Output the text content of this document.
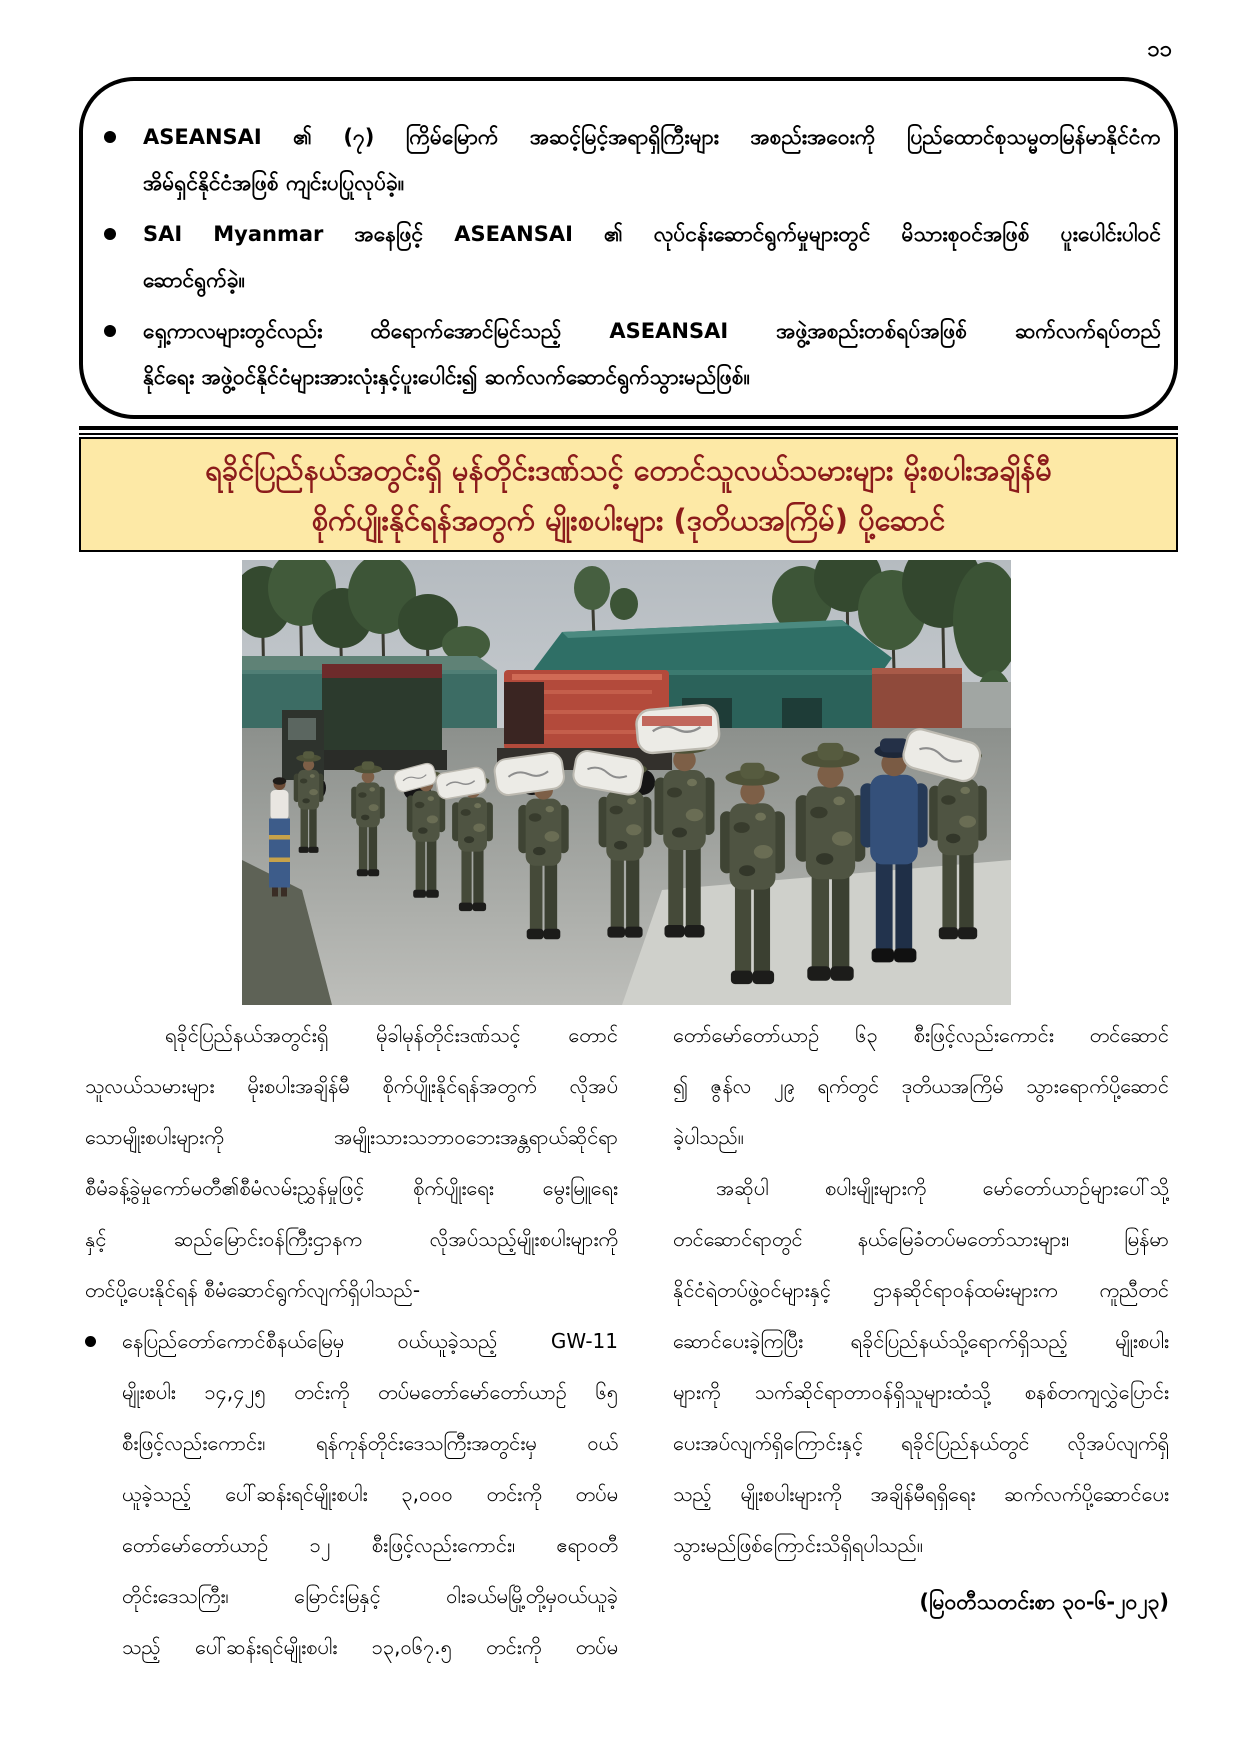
၁၁
ASEANSAI ၏ (၇) ကြိမ်မြောက် အဆင့်မြင့်အရာရှိကြီးများ အစည်းအဝေးကို ပြည်ထောင်စုသမ္မတမြန်မာနိုင်ငံက
အိမ်ရှင်နိုင်ငံအဖြစ် ကျင်းပပြုလုပ်ခဲ့။
SAI Myanmar အနေဖြင့် ASEANSAI ၏ လုပ်ငန်းဆောင်ရွက်မှုများတွင် မိသားစုဝင်အဖြစ် ပူးပေါင်းပါဝင်
ဆောင်ရွက်ခဲ့။
ရှေ့ကာလများတွင်လည်း ထိရောက်အောင်မြင်သည့် ASEANSAI အဖွဲ့အစည်းတစ်ရပ်အဖြစ် ဆက်လက်ရပ်တည်
နိုင်ရေး အဖွဲ့ဝင်နိုင်ငံများအားလုံးနှင့်ပူးပေါင်း၍ ဆက်လက်ဆောင်ရွက်သွားမည်ဖြစ်။
ရခိုင်ပြည်နယ်အတွင်းရှိ မုန်တိုင်းဒဏ်သင့် တောင်သူလယ်သမားများ မိုးစပါးအချိန်မီ
စိုက်ပျိုးနိုင်ရန်အတွက် မျိုးစပါးများ (ဒုတိယအကြိမ်) ပို့ဆောင်
ရခိုင်ပြည်နယ်အတွင်းရှိ မိုခါမုန်တိုင်းဒဏ်သင့် တောင်
သူလယ်သမားများ မိုးစပါးအချိန်မီ စိုက်ပျိုးနိုင်ရန်အတွက် လိုအပ်
သောမျိုးစပါးများကို အမျိုးသားသဘာဝဘေးအန္တရာယ်ဆိုင်ရာ
စီမံခန့်ခွဲမှုကော်မတီ၏စီမံလမ်းညွှန်မှုဖြင့် စိုက်ပျိုးရေး မွေးမြူရေး
နှင့် ဆည်မြောင်းဝန်ကြီးဌာနက လိုအပ်သည့်မျိုးစပါးများကို
တင်ပို့ပေးနိုင်ရန် စီမံဆောင်ရွက်လျက်ရှိပါသည်-
နေပြည်တော်ကောင်စီနယ်မြေမှ ဝယ်ယူခဲ့သည့် GW-11
မျိုးစပါး ၁၄,၄၂၅ တင်းကို တပ်မတော်မော်တော်ယာဉ် ၆၅
စီးဖြင့်လည်းကောင်း၊ ရန်ကုန်တိုင်းဒေသကြီးအတွင်းမှ ဝယ်
ယူခဲ့သည့် ပေါ်ဆန်းရင်မျိုးစပါး ၃,၀၀၀ တင်းကို တပ်မ
တော်မော်တော်ယာဉ် ၁၂ စီးဖြင့်လည်းကောင်း၊ ဧရာဝတီ
တိုင်းဒေသကြီး၊ မြောင်းမြနှင့် ဝါးခယ်မမြို့တို့မှဝယ်ယူခဲ့
သည့် ပေါ်ဆန်းရင်မျိုးစပါး ၁၃,၀၆၇.၅ တင်းကို တပ်မ
တော်မော်တော်ယာဉ် ၆၃ စီးဖြင့်လည်းကောင်း တင်ဆောင်
၍ ဇွန်လ ၂၉ ရက်တွင် ဒုတိယအကြိမ် သွားရောက်ပို့ဆောင်
ခဲ့ပါသည်။
အဆိုပါ စပါးမျိုးများကို မော်တော်ယာဉ်များပေါ်သို့
တင်ဆောင်ရာတွင် နယ်မြေခံတပ်မတော်သားများ၊ မြန်မာ
နိုင်ငံရဲတပ်ဖွဲ့ဝင်များနှင့် ဌာနဆိုင်ရာဝန်ထမ်းများက ကူညီတင်
ဆောင်ပေးခဲ့ကြပြီး ရခိုင်ပြည်နယ်သို့ရောက်ရှိသည့် မျိုးစပါး
များကို သက်ဆိုင်ရာတာဝန်ရှိသူများထံသို့ စနစ်တကျလွှဲပြောင်း
ပေးအပ်လျက်ရှိကြောင်းနှင့် ရခိုင်ပြည်နယ်တွင် လိုအပ်လျက်ရှိ
သည့် မျိုးစပါးများကို အချိန်မီရရှိရေး ဆက်လက်ပို့ဆောင်ပေး
သွားမည်ဖြစ်ကြောင်းသိရှိရပါသည်။
(မြဝတီသတင်းစာ ၃၀-၆-၂၀၂၃)
